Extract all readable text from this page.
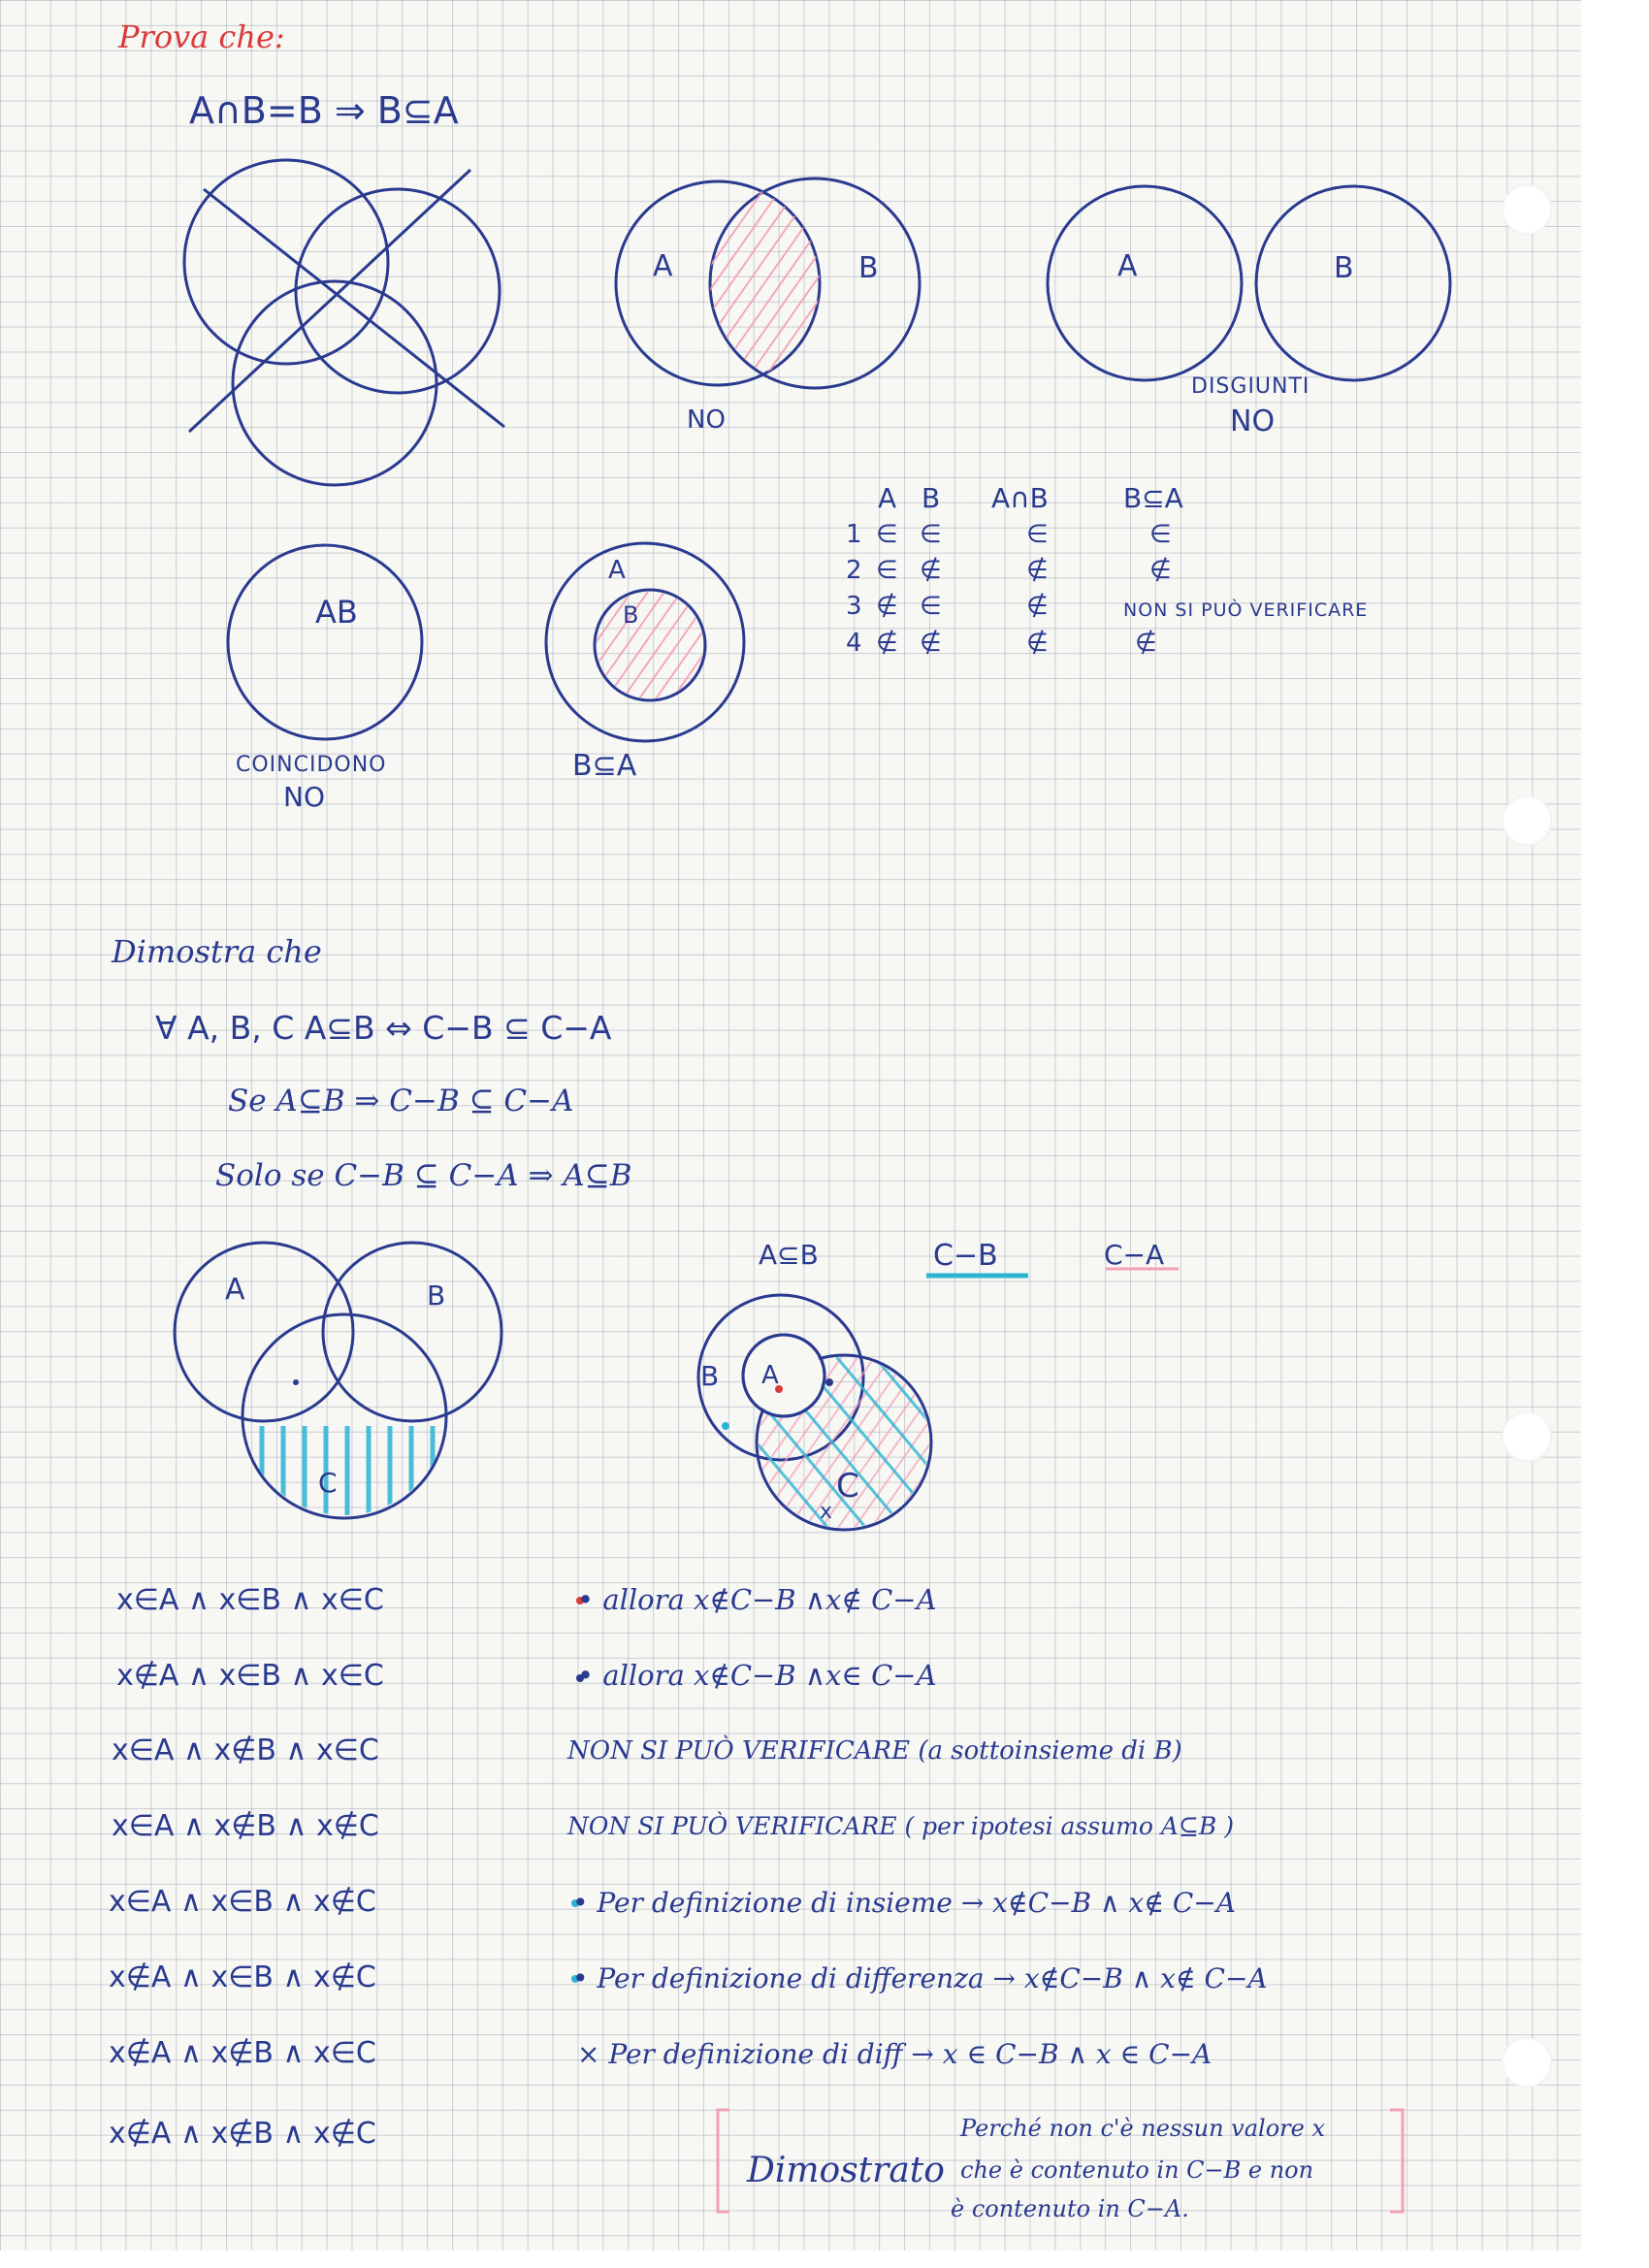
Prova che:
A∩B=B ⇒ B⊆A
A	B
NO
A	B
DISGIUNTI
NO
AB
COINCIDONO
NO
A
B
B⊆A
A B A∩B	B⊆A
1 ∈ ∈	∈	∈
2 ∈ ∉	∉	∉
3 ∉ ∈	∉	NON SI PUÒ VERIFICARE
4 ∉ ∉	∉	∉
Dimostra che
∀ A, B, C A⊆B ⇔ C−B ⊆ C−A
Se A⊆B ⇒ C−B ⊆ C−A
Solo se C−B ⊆ C−A ⇒ A⊆B
A	B
C
A⊆B	C−B	C−A
B A
C
x
x∈A ∧ x∈B ∧ x∈C	• allora x∉C−B ∧x∉ C−A
x∉A ∧ x∈B ∧ x∈C	• allora x∉C−B ∧x∈ C−A
x∈A ∧ x∉B ∧ x∈C	NON SI PUÒ VERIFICARE (a sottoinsieme di B)
x∈A ∧ x∉B ∧ x∉C	NON SI PUÒ VERIFICARE ( per ipotesi assumo A⊆B )
x∈A ∧ x∈B ∧ x∉C	• Per definizione di insieme → x∉C−B ∧ x∉ C−A
x∉A ∧ x∈B ∧ x∉C	• Per definizione di differenza → x∉C−B ∧ x∉ C−A
x∉A ∧ x∉B ∧ x∈C	× Per definizione di diff → x ∈ C−B ∧ x ∈ C−A
x∉A ∧ x∉B ∧ x∉C
Dimostrato
Perché non c'è nessun valore x
che è contenuto in C−B e non
è contenuto in C−A.
